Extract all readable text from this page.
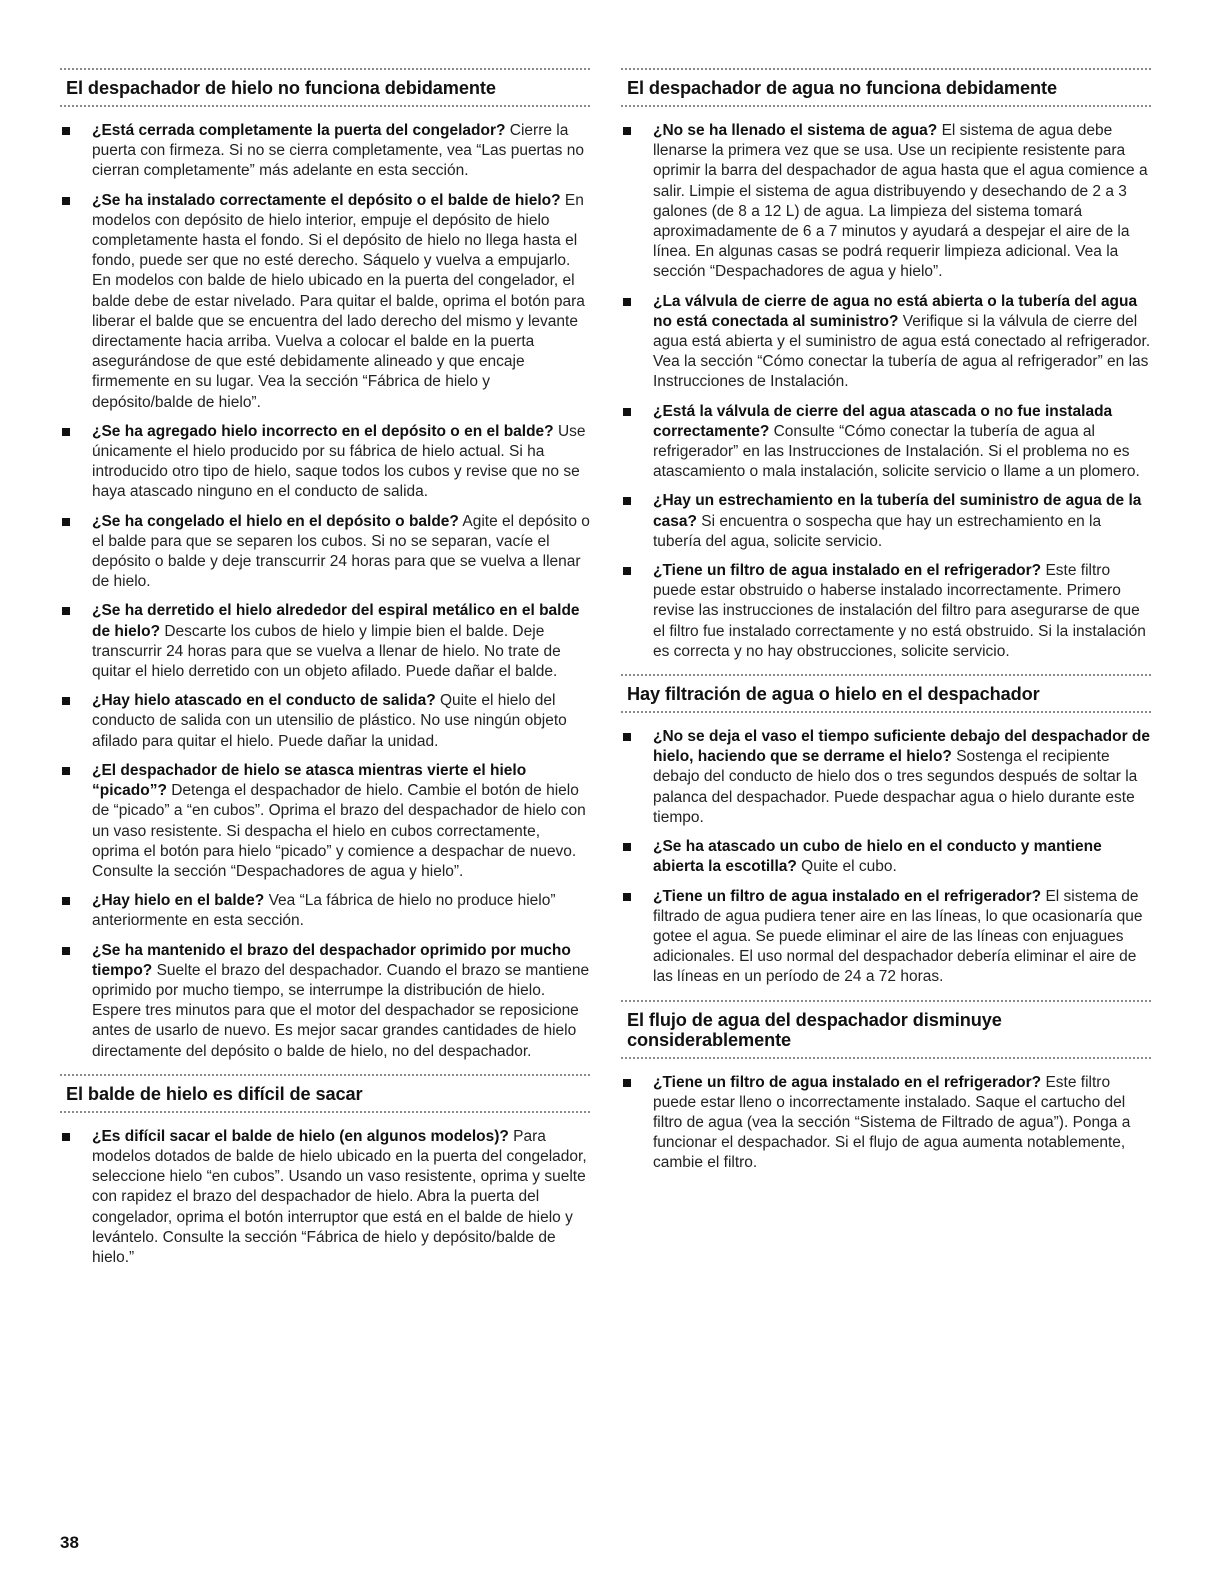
El despachador de hielo no funciona debidamente
¿Está cerrada completamente la puerta del congelador? Cierre la puerta con firmeza. Si no se cierra completamente, vea “Las puertas no cierran completamente” más adelante en esta sección.
¿Se ha instalado correctamente el depósito o el balde de hielo? En modelos con depósito de hielo interior, empuje el depósito de hielo completamente hasta el fondo. Si el depósito de hielo no llega hasta el fondo, puede ser que no esté derecho. Sáquelo y vuelva a empujarlo. En modelos con balde de hielo ubicado en la puerta del congelador, el balde debe de estar nivelado. Para quitar el balde, oprima el botón para liberar el balde que se encuentra del lado derecho del mismo y levante directamente hacia arriba. Vuelva a colocar el balde en la puerta asegurándose de que esté debidamente alineado y que encaje firmemente en su lugar. Vea la sección “Fábrica de hielo y depósito/balde de hielo”.
¿Se ha agregado hielo incorrecto en el depósito o en el balde? Use únicamente el hielo producido por su fábrica de hielo actual. Si ha introducido otro tipo de hielo, saque todos los cubos y revise que no se haya atascado ninguno en el conducto de salida.
¿Se ha congelado el hielo en el depósito o balde? Agite el depósito o el balde para que se separen los cubos. Si no se separan, vacíe el depósito o balde y deje transcurrir 24 horas para que se vuelva a llenar de hielo.
¿Se ha derretido el hielo alrededor del espiral metálico en el balde de hielo? Descarte los cubos de hielo y limpie bien el balde. Deje transcurrir 24 horas para que se vuelva a llenar de hielo. No trate de quitar el hielo derretido con un objeto afilado. Puede dañar el balde.
¿Hay hielo atascado en el conducto de salida? Quite el hielo del conducto de salida con un utensilio de plástico. No use ningún objeto afilado para quitar el hielo. Puede dañar la unidad.
¿El despachador de hielo se atasca mientras vierte el hielo “picado”? Detenga el despachador de hielo. Cambie el botón de hielo de “picado” a “en cubos”. Oprima el brazo del despachador de hielo con un vaso resistente. Si despacha el hielo en cubos correctamente, oprima el botón para hielo “picado” y comience a despachar de nuevo. Consulte la sección “Despachadores de agua y hielo”.
¿Hay hielo en el balde? Vea “La fábrica de hielo no produce hielo” anteriormente en esta sección.
¿Se ha mantenido el brazo del despachador oprimido por mucho tiempo? Suelte el brazo del despachador. Cuando el brazo se mantiene oprimido por mucho tiempo, se interrumpe la distribución de hielo. Espere tres minutos para que el motor del despachador se reposicione antes de usarlo de nuevo. Es mejor sacar grandes cantidades de hielo directamente del depósito o balde de hielo, no del despachador.
El balde de hielo es difícil de sacar
¿Es difícil sacar el balde de hielo (en algunos modelos)? Para modelos dotados de balde de hielo ubicado en la puerta del congelador, seleccione hielo “en cubos”. Usando un vaso resistente, oprima y suelte con rapidez el brazo del despachador de hielo. Abra la puerta del congelador, oprima el botón interruptor que está en el balde de hielo y levántelo. Consulte la sección “Fábrica de hielo y depósito/balde de hielo.”
El despachador de agua no funciona debidamente
¿No se ha llenado el sistema de agua? El sistema de agua debe llenarse la primera vez que se usa. Use un recipiente resistente para oprimir la barra del despachador de agua hasta que el agua comience a salir. Limpie el sistema de agua distribuyendo y desechando de 2 a 3 galones (de 8 a 12 L) de agua. La limpieza del sistema tomará aproximadamente de 6 a 7 minutos y ayudará a despejar el aire de la línea. En algunas casas se podrá requerir limpieza adicional. Vea la sección “Despachadores de agua y hielo”.
¿La válvula de cierre de agua no está abierta o la tubería del agua no está conectada al suministro? Verifique si la válvula de cierre del agua está abierta y el suministro de agua está conectado al refrigerador. Vea la sección “Cómo conectar la tubería de agua al refrigerador” en las Instrucciones de Instalación.
¿Está la válvula de cierre del agua atascada o no fue instalada correctamente? Consulte “Cómo conectar la tubería de agua al refrigerador” en las Instrucciones de Instalación. Si el problema no es atascamiento o mala instalación, solicite servicio o llame a un plomero.
¿Hay un estrechamiento en la tubería del suministro de agua de la casa? Si encuentra o sospecha que hay un estrechamiento en la tubería del agua, solicite servicio.
¿Tiene un filtro de agua instalado en el refrigerador? Este filtro puede estar obstruido o haberse instalado incorrectamente. Primero revise las instrucciones de instalación del filtro para asegurarse de que el filtro fue instalado correctamente y no está obstruido. Si la instalación es correcta y no hay obstrucciones, solicite servicio.
Hay filtración de agua o hielo en el despachador
¿No se deja el vaso el tiempo suficiente debajo del despachador de hielo, haciendo que se derrame el hielo? Sostenga el recipiente debajo del conducto de hielo dos o tres segundos después de soltar la palanca del despachador. Puede despachar agua o hielo durante este tiempo.
¿Se ha atascado un cubo de hielo en el conducto y mantiene abierta la escotilla? Quite el cubo.
¿Tiene un filtro de agua instalado en el refrigerador? El sistema de filtrado de agua pudiera tener aire en las líneas, lo que ocasionaría que gotee el agua. Se puede eliminar el aire de las líneas con enjuagues adicionales. El uso normal del despachador debería eliminar el aire de las líneas en un período de 24 a 72 horas.
El flujo de agua del despachador disminuye considerablemente
¿Tiene un filtro de agua instalado en el refrigerador? Este filtro puede estar lleno o incorrectamente instalado. Saque el cartucho del filtro de agua (vea la sección “Sistema de Filtrado de agua”). Ponga a funcionar el despachador. Si el flujo de agua aumenta notablemente, cambie el filtro.
38
